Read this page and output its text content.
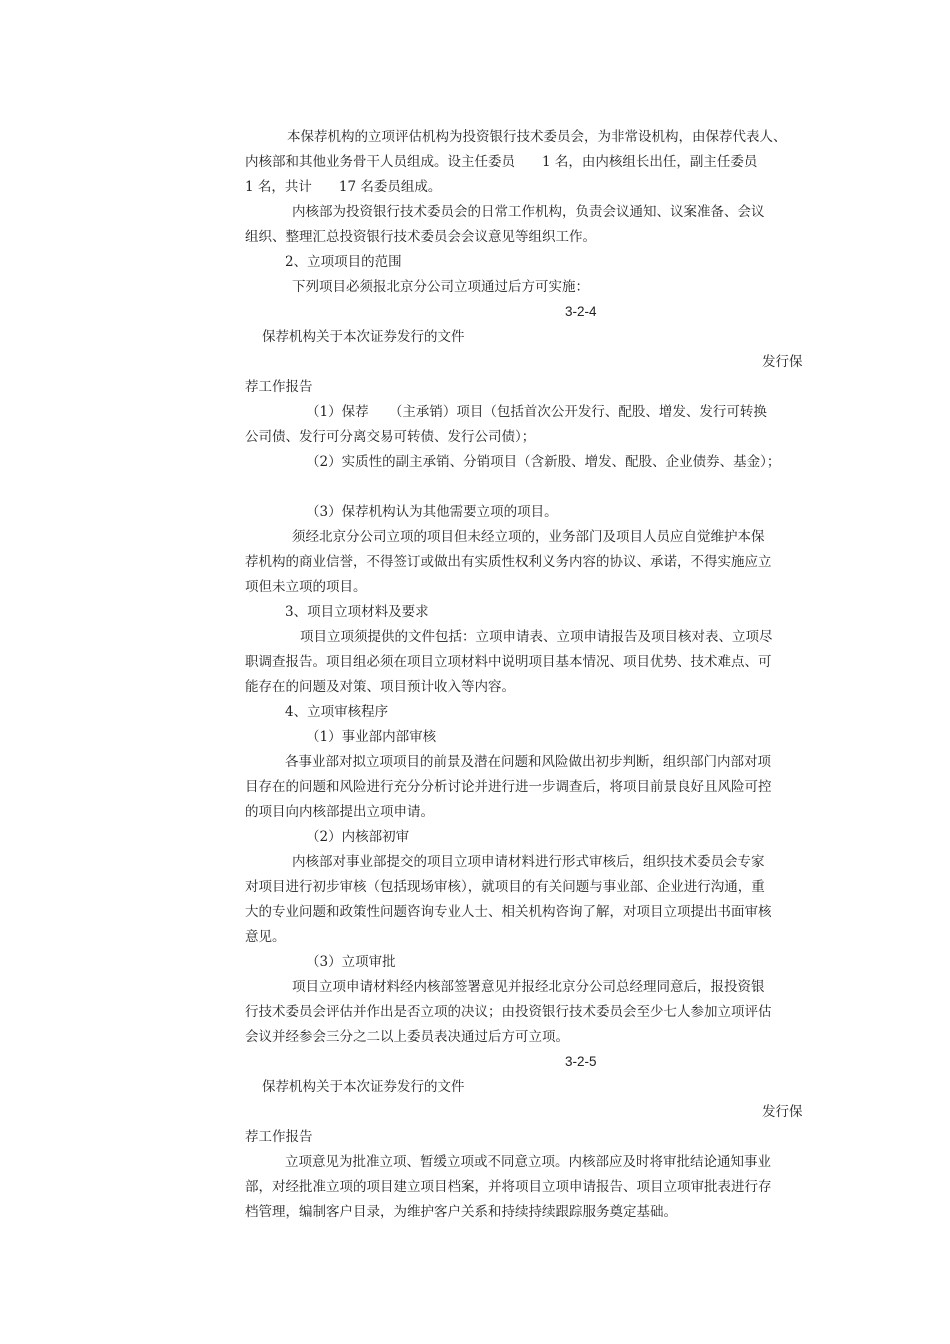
本保荐机构的立项评估机构为投资银行技术委员会，为非常设机构，由保荐代表人、
内核部和其他业务骨干人员组成。设主任委员　　1 名，由内核组长出任，副主任委员
1 名，共计　　17 名委员组成。
内核部为投资银行技术委员会的日常工作机构，负责会议通知、议案准备、会议
组织、整理汇总投资银行技术委员会会议意见等组织工作。
2、立项项目的范围
下列项目必须报北京分公司立项通过后方可实施：
3-2-4
保荐机构关于本次证券发行的文件
发行保
荐工作报告
（1）保荐　　（主承销）项目（包括首次公开发行、配股、增发、发行可转换
公司债、发行可分离交易可转债、发行公司债）；
（2）实质性的副主承销、分销项目（含新股、增发、配股、企业债券、基金）；
（3）保荐机构认为其他需要立项的项目。
须经北京分公司立项的项目但未经立项的，业务部门及项目人员应自觉维护本保
荐机构的商业信誉，不得签订或做出有实质性权利义务内容的协议、承诺，不得实施应立
项但未立项的项目。
3、项目立项材料及要求
项目立项须提供的文件包括：立项申请表、立项申请报告及项目核对表、立项尽
职调查报告。项目组必须在项目立项材料中说明项目基本情况、项目优势、技术难点、可
能存在的问题及对策、项目预计收入等内容。
4、立项审核程序
（1）事业部内部审核
各事业部对拟立项项目的前景及潜在问题和风险做出初步判断，组织部门内部对项
目存在的问题和风险进行充分分析讨论并进行进一步调查后，将项目前景良好且风险可控
的项目向内核部提出立项申请。
（2）内核部初审
内核部对事业部提交的项目立项申请材料进行形式审核后，组织技术委员会专家
对项目进行初步审核（包括现场审核），就项目的有关问题与事业部、企业进行沟通，重
大的专业问题和政策性问题咨询专业人士、相关机构咨询了解，对项目立项提出书面审核
意见。
（3）立项审批
项目立项申请材料经内核部签署意见并报经北京分公司总经理同意后，报投资银
行技术委员会评估并作出是否立项的决议；由投资银行技术委员会至少七人参加立项评估
会议并经参会三分之二以上委员表决通过后方可立项。
3-2-5
保荐机构关于本次证券发行的文件
发行保
荐工作报告
立项意见为批准立项、暂缓立项或不同意立项。内核部应及时将审批结论通知事业
部，对经批准立项的项目建立项目档案，并将项目立项申请报告、项目立项审批表进行存
档管理，编制客户目录，为维护客户关系和持续持续跟踪服务奠定基础。
